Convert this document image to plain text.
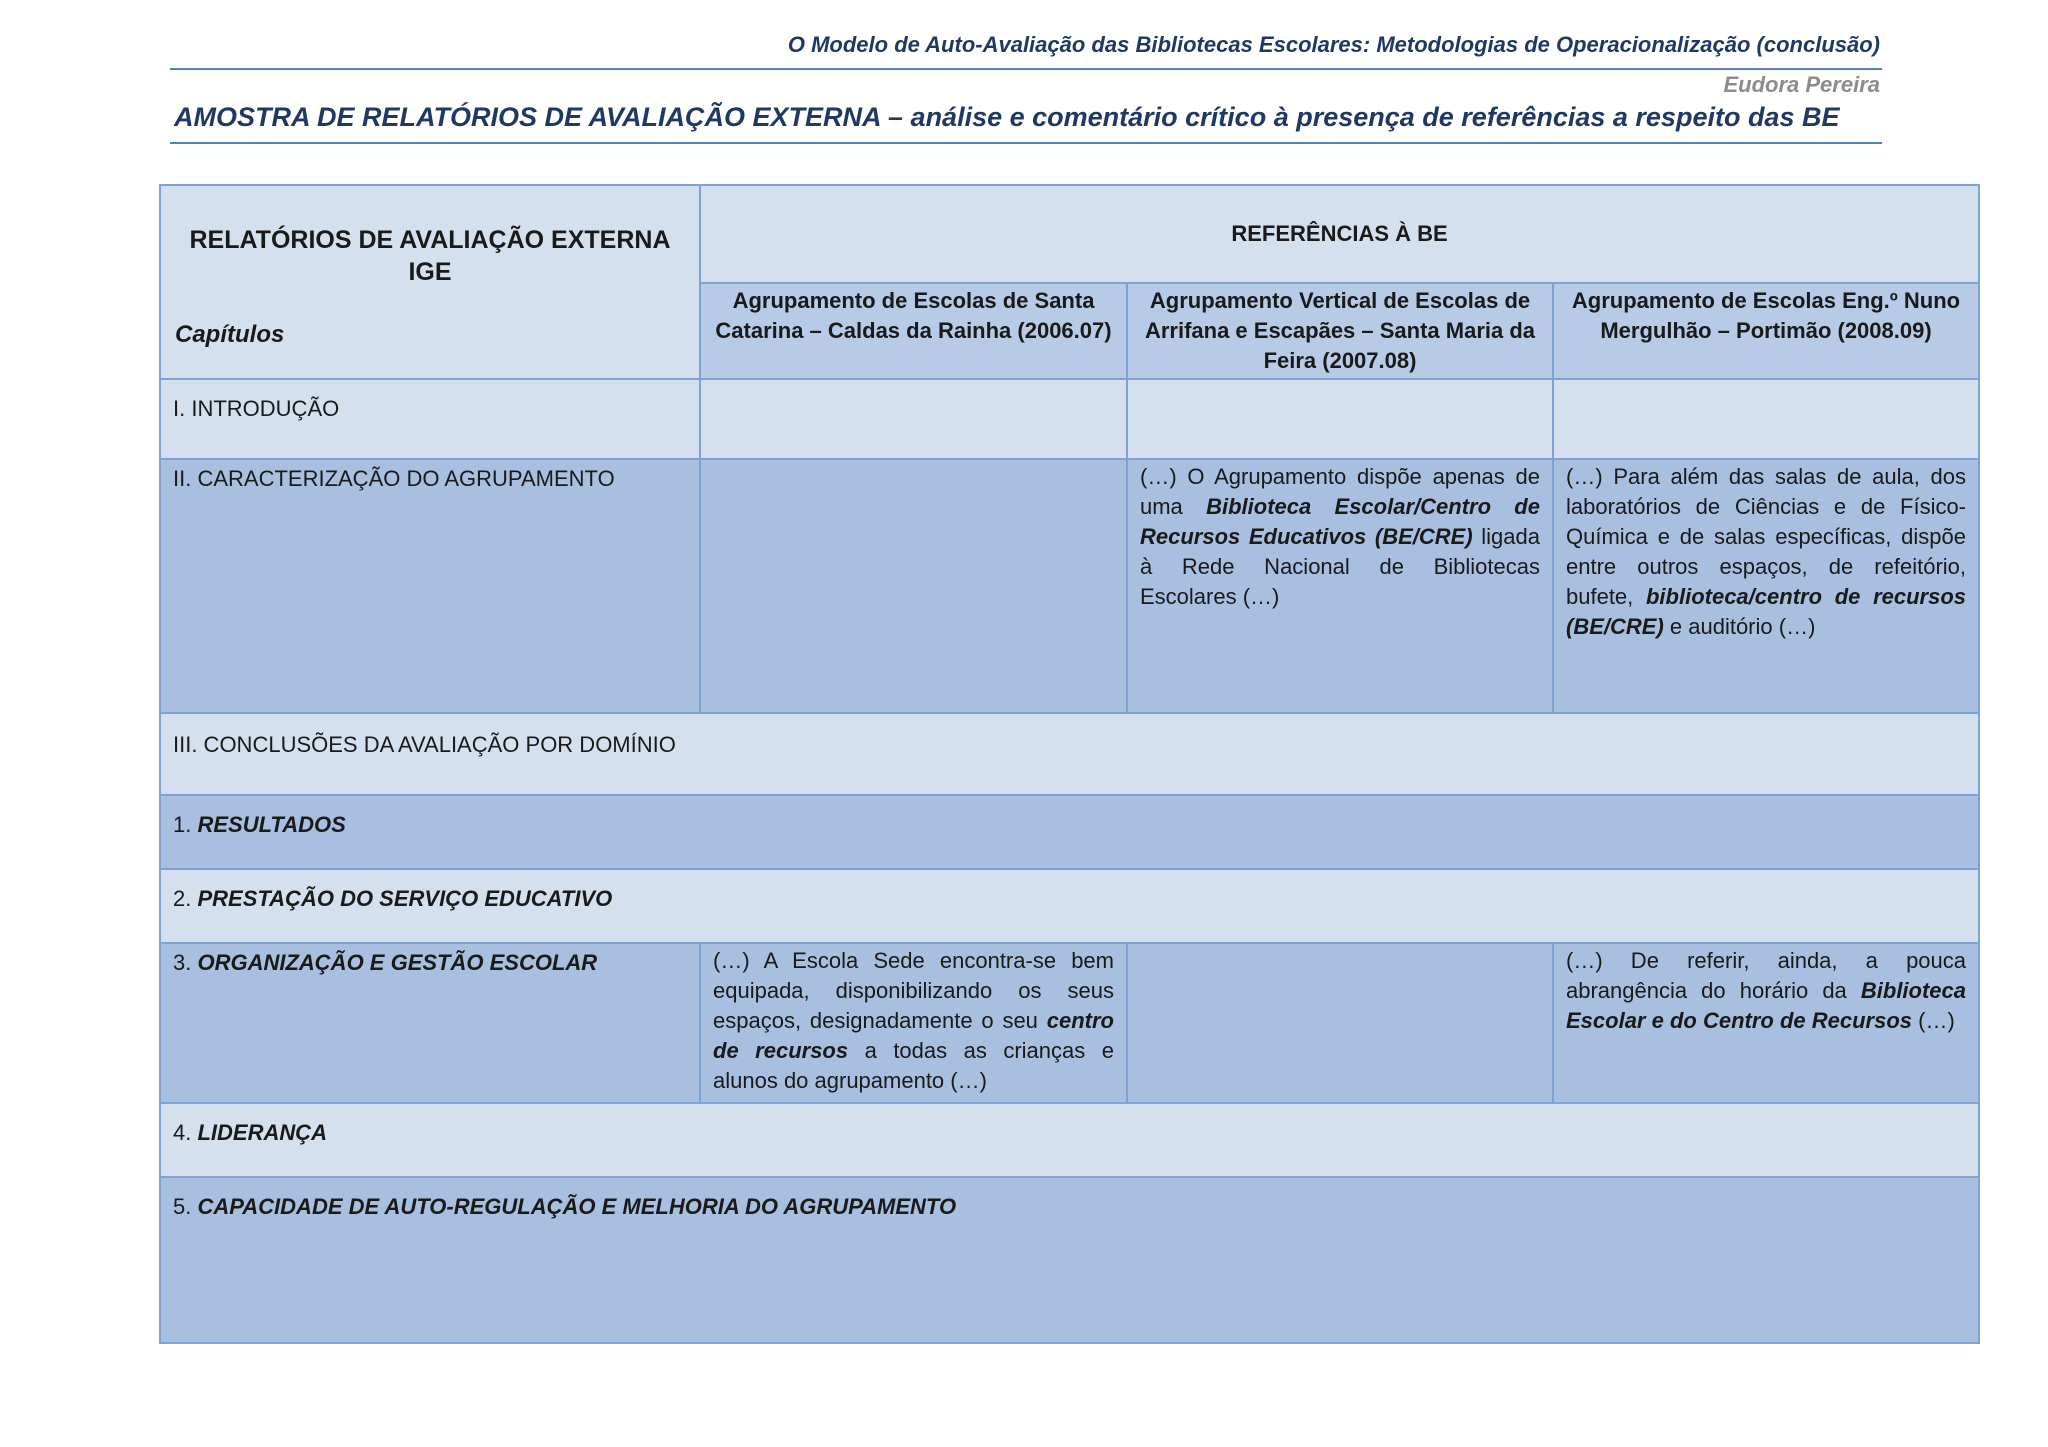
O Modelo de Auto-Avaliação das Bibliotecas Escolares: Metodologias de Operacionalização (conclusão)
Eudora Pereira
AMOSTRA DE RELATÓRIOS DE AVALIAÇÃO EXTERNA – análise e comentário crítico à presença de referências a respeito das BE
RELATÓRIOS DE AVALIAÇÃO EXTERNA
IGE
Capítulos	REFERÊNCIAS À BE		
	Agrupamento de Escolas de Santa Catarina – Caldas da Rainha (2006.07)	Agrupamento Vertical de Escolas de Arrifana e Escapães – Santa Maria da Feira (2007.08)	Agrupamento de Escolas Eng.º Nuno Mergulhão – Portimão (2008.09)
I. INTRODUÇÃO			
II. CARACTERIZAÇÃO DO AGRUPAMENTO		(…) O Agrupamento dispõe apenas de uma Biblioteca Escolar/Centro de Recursos Educativos (BE/CRE) ligada à Rede Nacional de Bibliotecas Escolares (…)	(…) Para além das salas de aula, dos laboratórios de Ciências e de Físico-Química e de salas específicas, dispõe entre outros espaços, de refeitório, bufete, biblioteca/centro de recursos (BE/CRE) e auditório (…)
III. CONCLUSÕES DA AVALIAÇÃO POR DOMÍNIO			
1. RESULTADOS			
2. PRESTAÇÃO DO SERVIÇO EDUCATIVO			
3. ORGANIZAÇÃO E GESTÃO ESCOLAR	(…) A Escola Sede encontra-se bem equipada, disponibilizando os seus espaços, designadamente o seu centro de recursos a todas as crianças e alunos do agrupamento (…)		(…) De referir, ainda, a pouca abrangência do horário da Biblioteca Escolar e do Centro de Recursos (…)
4. LIDERANÇA			
5. CAPACIDADE DE AUTO-REGULAÇÃO E MELHORIA DO AGRUPAMENTO			
